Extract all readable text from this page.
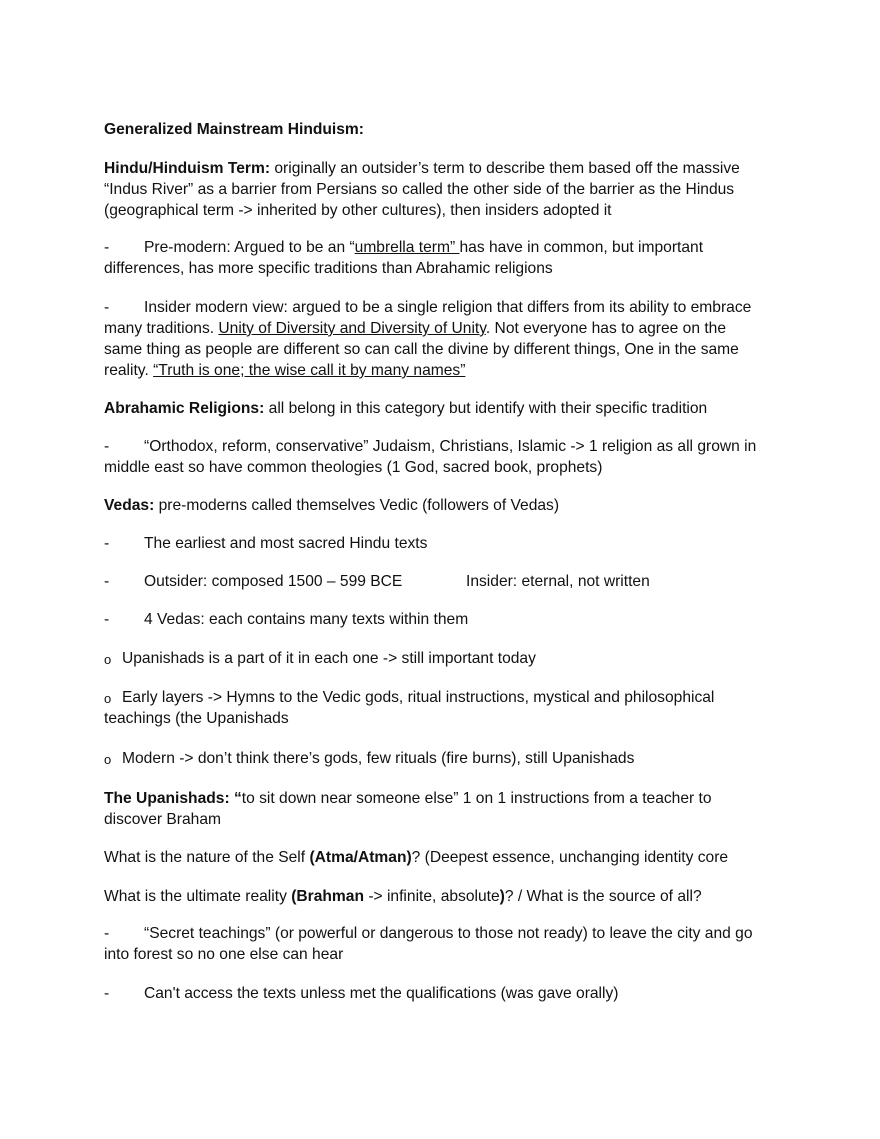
Generalized Mainstream Hinduism:
Hindu/Hinduism Term: originally an outsider’s term to describe them based off the massive
“Indus River” as a barrier from Persians so called the other side of the barrier as the Hindus
(geographical term -> inherited by other cultures), then insiders adopted it
- Pre-modern: Argued to be an “umbrella term” has have in common, but important
differences, has more specific traditions than Abrahamic religions
- Insider modern view: argued to be a single religion that differs from its ability to embrace
many traditions. Unity of Diversity and Diversity of Unity. Not everyone has to agree on the
same thing as people are different so can call the divine by different things, One in the same
reality. “Truth is one; the wise call it by many names”
Abrahamic Religions: all belong in this category but identify with their specific tradition
- “Orthodox, reform, conservative” Judaism, Christians, Islamic -> 1 religion as all grown in
middle east so have common theologies (1 God, sacred book, prophets)
Vedas: pre-moderns called themselves Vedic (followers of Vedas)
- The earliest and most sacred Hindu texts
- Outsider: composed 1500 – 599 BCE	Insider: eternal, not written
- 4 Vedas: each contains many texts within them
o Upanishads is a part of it in each one -> still important today
o Early layers -> Hymns to the Vedic gods, ritual instructions, mystical and philosophical
teachings (the Upanishads
o Modern -> don’t think there’s gods, few rituals (fire burns), still Upanishads
The Upanishads: “to sit down near someone else” 1 on 1 instructions from a teacher to
discover Braham
What is the nature of the Self (Atma/Atman)? (Deepest essence, unchanging identity core
What is the ultimate reality (Brahman -> infinite, absolute)? / What is the source of all?
- “Secret teachings” (or powerful or dangerous to those not ready) to leave the city and go
into forest so no one else can hear
- Can't access the texts unless met the qualifications (was gave orally)
